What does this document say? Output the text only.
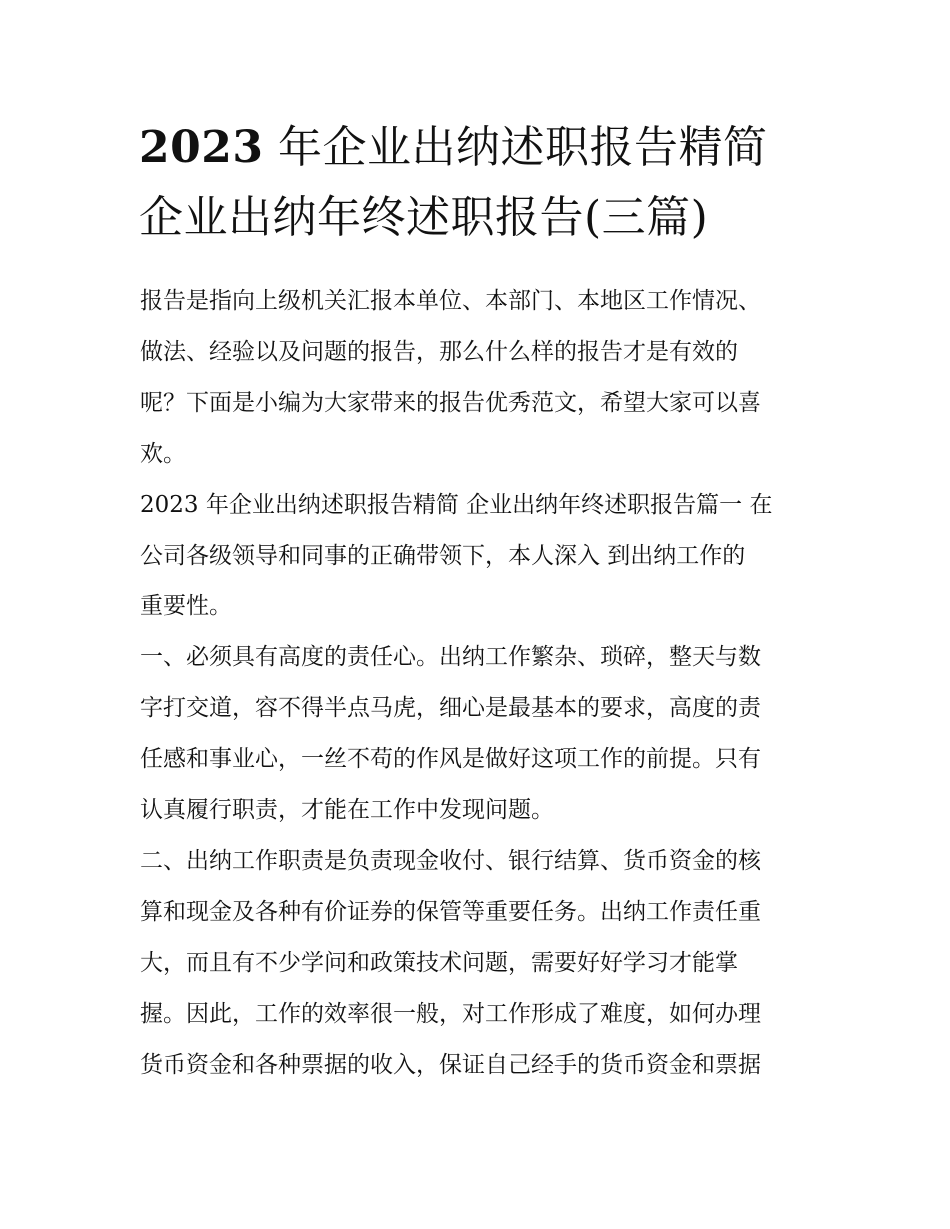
2023 年企业出纳述职报告精简
企业出纳年终述职报告(三篇)

报告是指向上级机关汇报本单位、本部门、本地区工作情况、
做法、经验以及问题的报告，那么什么样的报告才是有效的
呢？下面是小编为大家带来的报告优秀范文，希望大家可以喜
欢。

2023 年企业出纳述职报告精简 企业出纳年终述职报告篇一 在
公司各级领导和同事的正确带领下，本人深入 到出纳工作的
重要性。

一、必须具有高度的责任心。出纳工作繁杂、琐碎，整天与数
字打交道，容不得半点马虎，细心是最基本的要求，高度的责
任感和事业心，一丝不苟的作风是做好这项工作的前提。只有
认真履行职责，才能在工作中发现问题。

二、出纳工作职责是负责现金收付、银行结算、货币资金的核
算和现金及各种有价证券的保管等重要任务。出纳工作责任重
大，而且有不少学问和政策技术问题，需要好好学习才能掌
握。因此，工作的效率很一般，对工作形成了难度，如何办理
货币资金和各种票据的收入，保证自己经手的货币资金和票据
